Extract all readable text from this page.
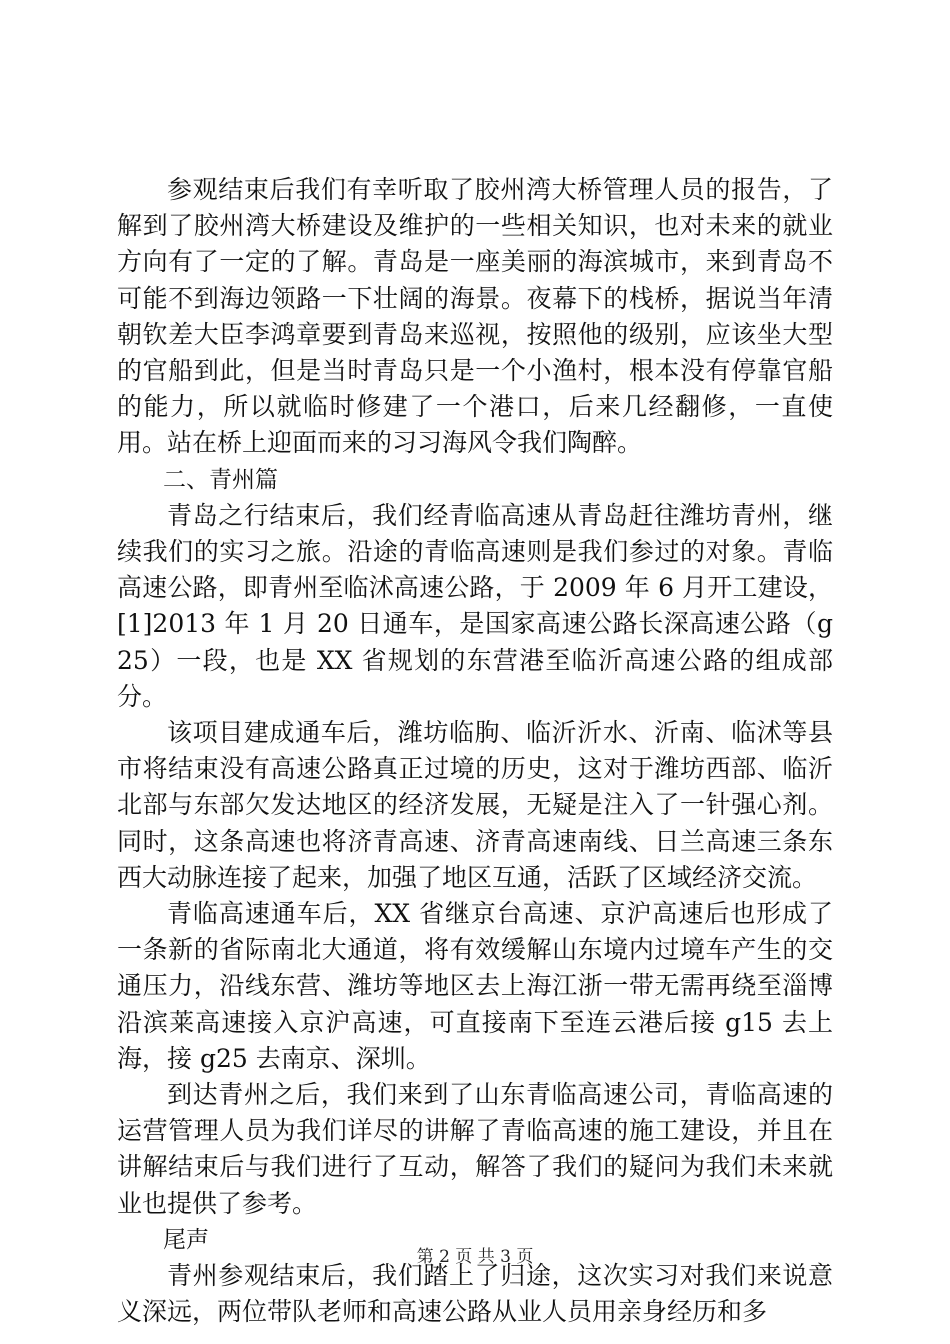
参观结束后我们有幸听取了胶州湾大桥管理人员的报告，了解到了胶州湾大桥建设及维护的一些相关知识，也对未来的就业方向有了一定的了解。青岛是一座美丽的海滨城市，来到青岛不可能不到海边领路一下壮阔的海景。夜幕下的栈桥，据说当年清朝钦差大臣李鸿章要到青岛来巡视，按照他的级别，应该坐大型的官船到此，但是当时青岛只是一个小渔村，根本没有停靠官船的能力，所以就临时修建了一个港口，后来几经翻修，一直使用。站在桥上迎面而来的习习海风令我们陶醉。

二、青州篇

青岛之行结束后，我们经青临高速从青岛赶往潍坊青州，继续我们的实习之旅。沿途的青临高速则是我们参过的对象。青临高速公路，即青州至临沭高速公路，于 2009 年 6 月开工建设，[1]2013 年 1 月 20 日通车，是国家高速公路长深高速公路（g25）一段，也是 XX 省规划的东营港至临沂高速公路的组成部分。

该项目建成通车后，潍坊临朐、临沂沂水、沂南、临沭等县市将结束没有高速公路真正过境的历史，这对于潍坊西部、临沂北部与东部欠发达地区的经济发展，无疑是注入了一针强心剂。同时，这条高速也将济青高速、济青高速南线、日兰高速三条东西大动脉连接了起来，加强了地区互通，活跃了区域经济交流。

青临高速通车后，XX 省继京台高速、京沪高速后也形成了一条新的省际南北大通道，将有效缓解山东境内过境车产生的交通压力，沿线东营、潍坊等地区去上海江浙一带无需再绕至淄博沿滨莱高速接入京沪高速，可直接南下至连云港后接 g15 去上海，接 g25 去南京、深圳。

到达青州之后，我们来到了山东青临高速公司，青临高速的运营管理人员为我们详尽的讲解了青临高速的施工建设，并且在讲解结束后与我们进行了互动，解答了我们的疑问为我们未来就业也提供了参考。

尾声

青州参观结束后，我们踏上了归途，这次实习对我们来说意义深远，两位带队老师和高速公路从业人员用亲身经历和多

第 2 页 共 3 页
